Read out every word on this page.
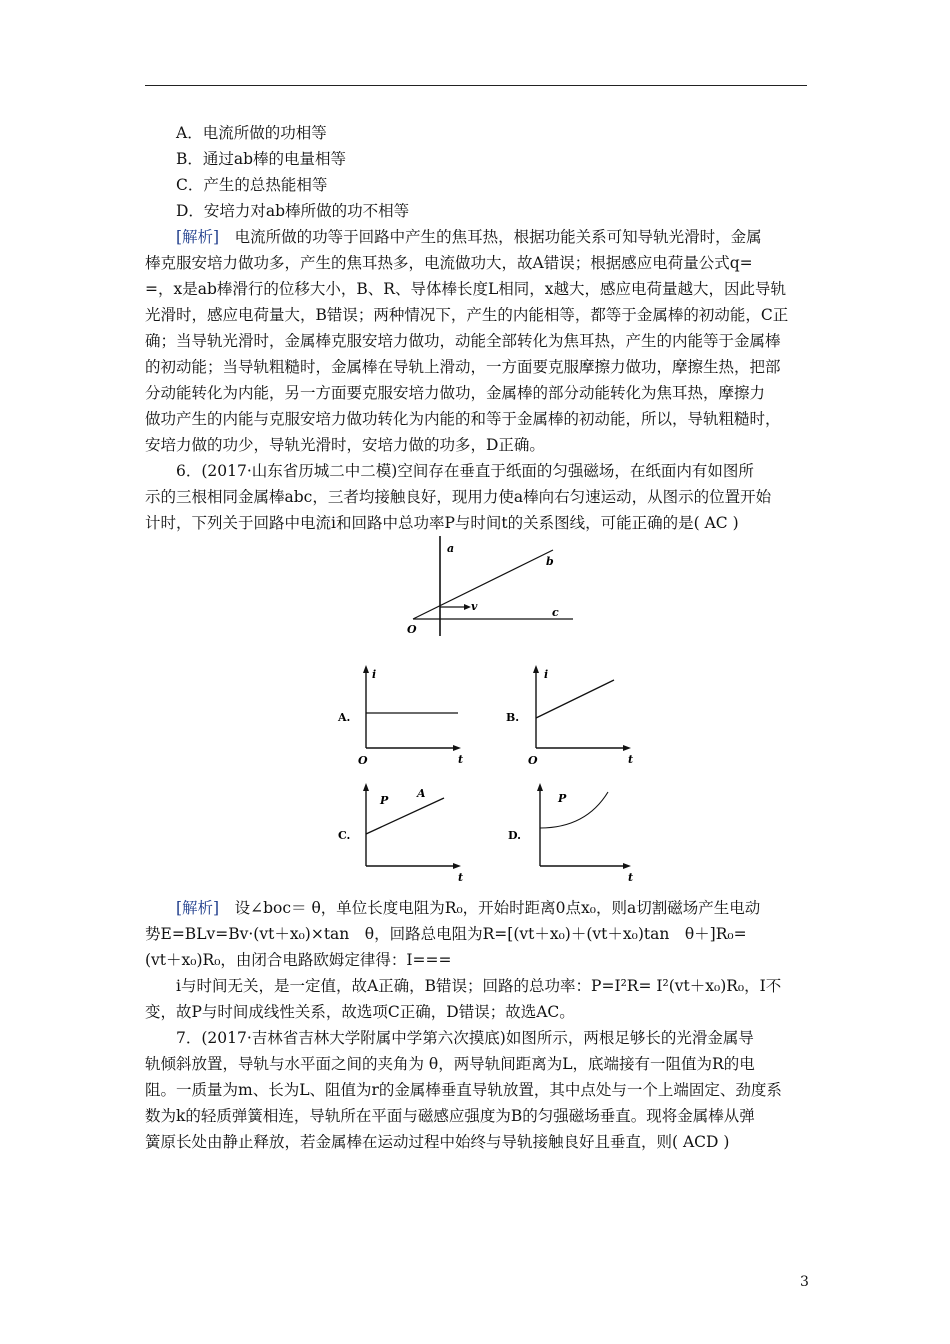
A．电流所做的功相等
B．通过ab棒的电量相等
C．产生的总热能相等
D．安培力对ab棒所做的功不相等
[解析]　电流所做的功等于回路中产生的焦耳热，根据功能关系可知导轨光滑时，金属
棒克服安培力做功多，产生的焦耳热多，电流做功大，故A错误；根据感应电荷量公式q=
=，x是ab棒滑行的位移大小，B、R、导体棒长度L相同，x越大，感应电荷量越大，因此导轨
光滑时，感应电荷量大，B错误；两种情况下，产生的内能相等，都等于金属棒的初动能，C正
确；当导轨光滑时，金属棒克服安培力做功，动能全部转化为焦耳热，产生的内能等于金属棒
的初动能；当导轨粗糙时，金属棒在导轨上滑动，一方面要克服摩擦力做功，摩擦生热，把部
分动能转化为内能，另一方面要克服安培力做功，金属棒的部分动能转化为焦耳热，摩擦力
做功产生的内能与克服安培力做功转化为内能的和等于金属棒的初动能，所以，导轨粗糙时，
安培力做的功少，导轨光滑时，安培力做的功多，D正确。
6．(2017·山东省历城二中二模)空间存在垂直于纸面的匀强磁场，在纸面内有如图所
示的三根相同金属棒abc，三者均接触良好，现用力使a棒向右匀速运动，从图示的位置开始
计时，下列关于回路中电流i和回路中总功率P与时间t的关系图线，可能正确的是( AC )
a
b
c
O
v
A.
i
t
O
B.
i
t
O
C.
P
A
t
D.
P
t
[解析]　设∠boc＝ θ，单位长度电阻为R₀，开始时距离0点x₀，则a切割磁场产生电动
势E=BLv=Bv·(vt＋x₀)×tan　θ，回路总电阻为R=[(vt＋x₀)＋(vt＋x₀)tan　θ＋]R₀=
(vt＋x₀)R₀，由闭合电路欧姆定律得：I===
i与时间无关，是一定值，故A正确，B错误；回路的总功率：P=I²R= I²(vt＋x₀)R₀，I不
变，故P与时间成线性关系，故选项C正确，D错误；故选AC。
7．(2017·吉林省吉林大学附属中学第六次摸底)如图所示，两根足够长的光滑金属导
轨倾斜放置，导轨与水平面之间的夹角为 θ，两导轨间距离为L，底端接有一阻值为R的电
阻。一质量为m、长为L、阻值为r的金属棒垂直导轨放置，其中点处与一个上端固定、劲度系
数为k的轻质弹簧相连，导轨所在平面与磁感应强度为B的匀强磁场垂直。现将金属棒从弹
簧原长处由静止释放，若金属棒在运动过程中始终与导轨接触良好且垂直，则( ACD )
3
